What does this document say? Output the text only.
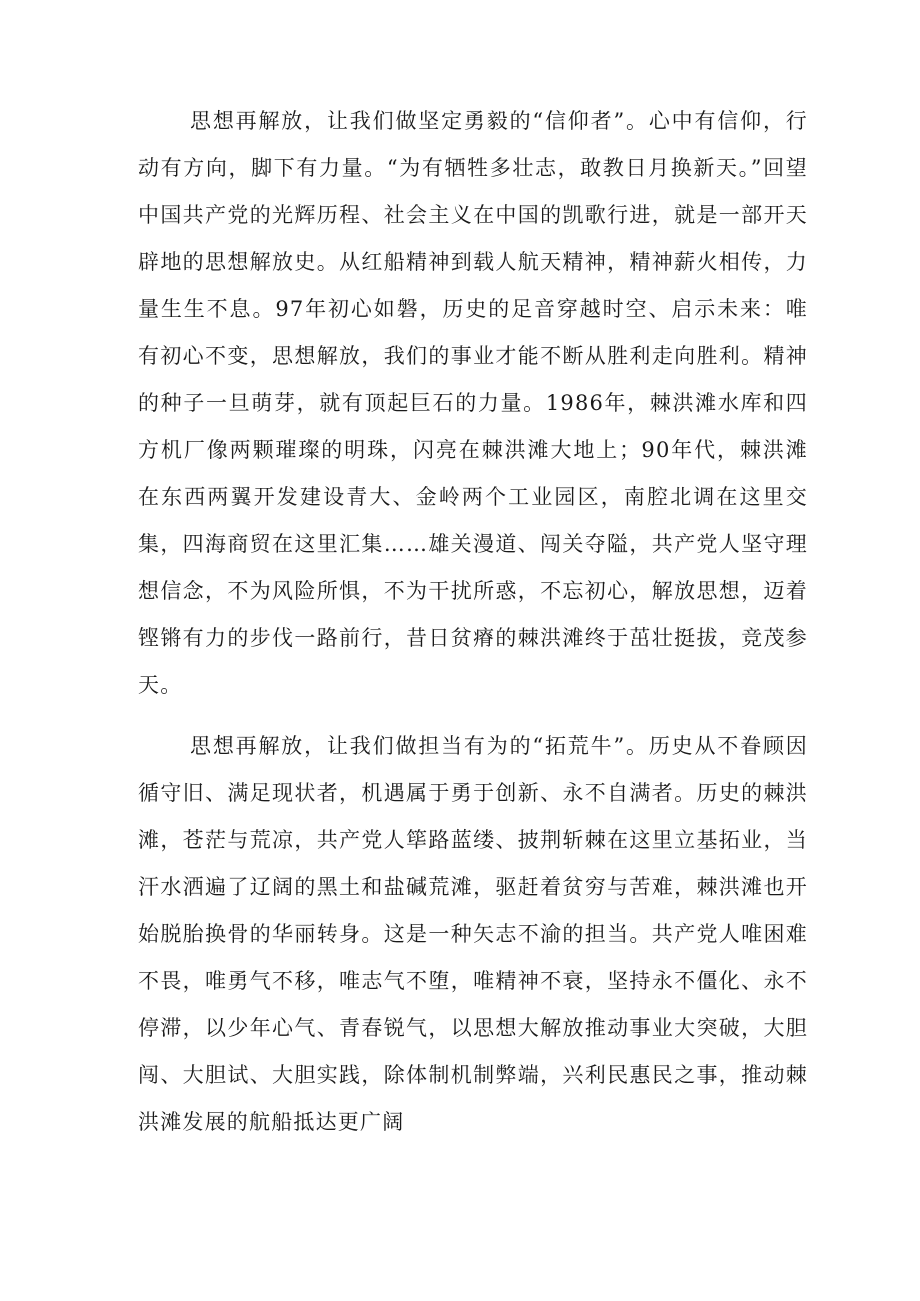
思想再解放，让我们做坚定勇毅的“信仰者”。心中有信仰，行动有方向，脚下有力量。“为有牺牲多壮志，敢教日月换新天。”回望中国共产党的光辉历程、社会主义在中国的凯歌行进，就是一部开天辟地的思想解放史。从红船精神到载人航天精神，精神薪火相传，力量生生不息。97年初心如磐，历史的足音穿越时空、启示未来：唯有初心不变，思想解放，我们的事业才能不断从胜利走向胜利。精神的种子一旦萌芽，就有顶起巨石的力量。1986年，棘洪滩水库和四方机厂像两颗璀璨的明珠，闪亮在棘洪滩大地上；90年代，棘洪滩在东西两翼开发建设青大、金岭两个工业园区，南腔北调在这里交集，四海商贸在这里汇集……雄关漫道、闯关夺隘，共产党人坚守理想信念，不为风险所惧，不为干扰所惑，不忘初心，解放思想，迈着铿锵有力的步伐一路前行，昔日贫瘠的棘洪滩终于茁壮挺拔，竞茂参天。

思想再解放，让我们做担当有为的“拓荒牛”。历史从不眷顾因循守旧、满足现状者，机遇属于勇于创新、永不自满者。历史的棘洪滩，苍茫与荒凉，共产党人筚路蓝缕、披荆斩棘在这里立基拓业，当汗水洒遍了辽阔的黑土和盐碱荒滩，驱赶着贫穷与苦难，棘洪滩也开始脱胎换骨的华丽转身。这是一种矢志不渝的担当。共产党人唯困难不畏，唯勇气不移，唯志气不堕，唯精神不衰，坚持永不僵化、永不停滞，以少年心气、青春锐气，以思想大解放推动事业大突破，大胆闯、大胆试、大胆实践，除体制机制弊端，兴利民惠民之事，推动棘洪滩发展的航船抵达更广阔
